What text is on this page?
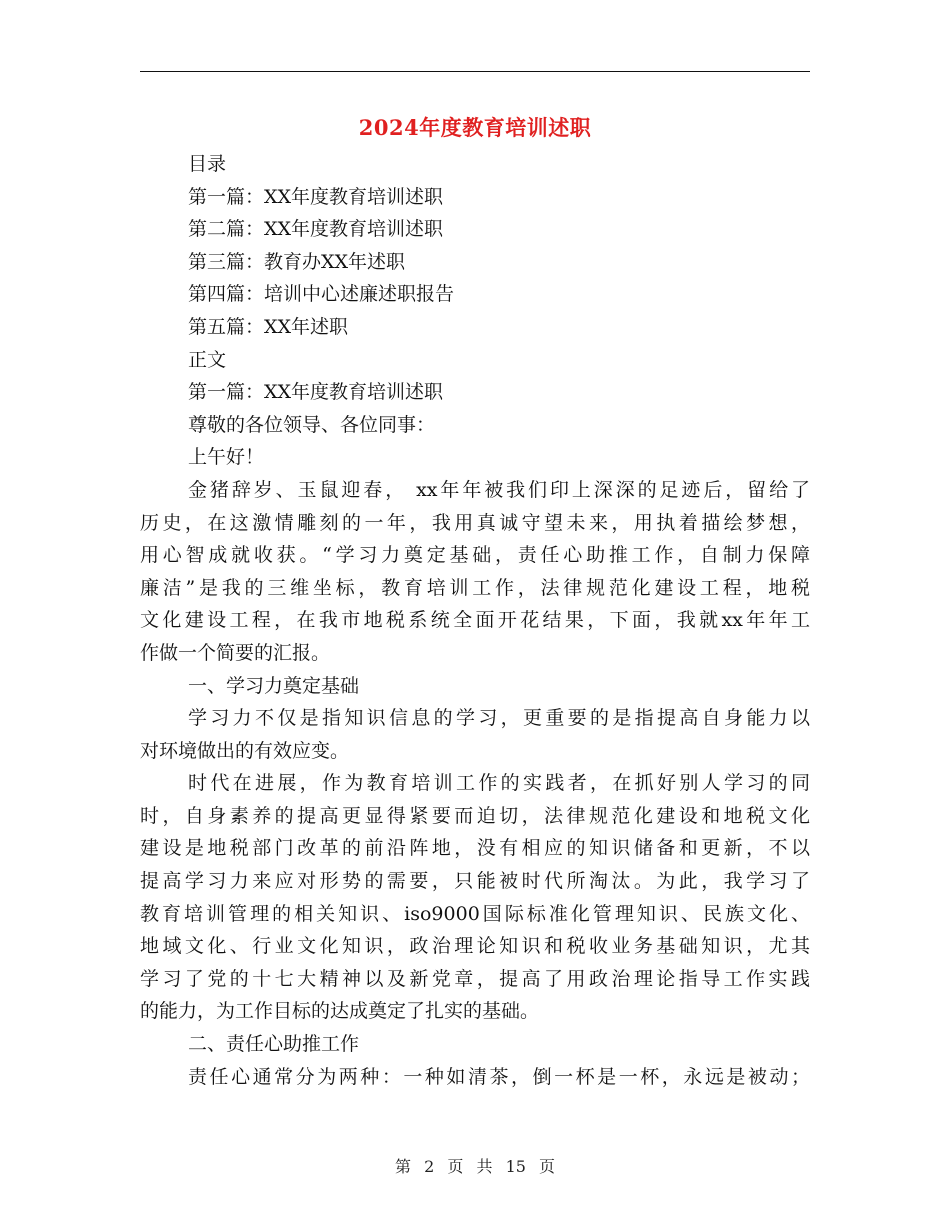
2024年度教育培训述职
目录
第一篇：XX年度教育培训述职
第二篇：XX年度教育培训述职
第三篇：教育办XX年述职
第四篇：培训中心述廉述职报告
第五篇：XX年述职
正文
第一篇：XX年度教育培训述职
尊敬的各位领导、各位同事：
上午好！
金猪辞岁、玉鼠迎春， xx年年被我们印上深深的足迹后，留给了
历史，在这激情雕刻的一年，我用真诚守望未来，用执着描绘梦想，
用心智成就收获。“学习力奠定基础，责任心助推工作，自制力保障
廉洁”是我的三维坐标，教育培训工作，法律规范化建设工程，地税
文化建设工程，在我市地税系统全面开花结果，下面，我就xx年年工
作做一个简要的汇报。
一、学习力奠定基础
学习力不仅是指知识信息的学习，更重要的是指提高自身能力以
对环境做出的有效应变。
时代在进展，作为教育培训工作的实践者，在抓好别人学习的同
时，自身素养的提高更显得紧要而迫切，法律规范化建设和地税文化
建设是地税部门改革的前沿阵地，没有相应的知识储备和更新，不以
提高学习力来应对形势的需要，只能被时代所淘汰。为此，我学习了
教育培训管理的相关知识、iso9000国际标准化管理知识、民族文化、
地域文化、行业文化知识，政治理论知识和税收业务基础知识，尤其
学习了党的十七大精神以及新党章，提高了用政治理论指导工作实践
的能力，为工作目标的达成奠定了扎实的基础。
二、责任心助推工作
责任心通常分为两种：一种如清茶，倒一杯是一杯，永远是被动；
第 2 页 共 15 页
